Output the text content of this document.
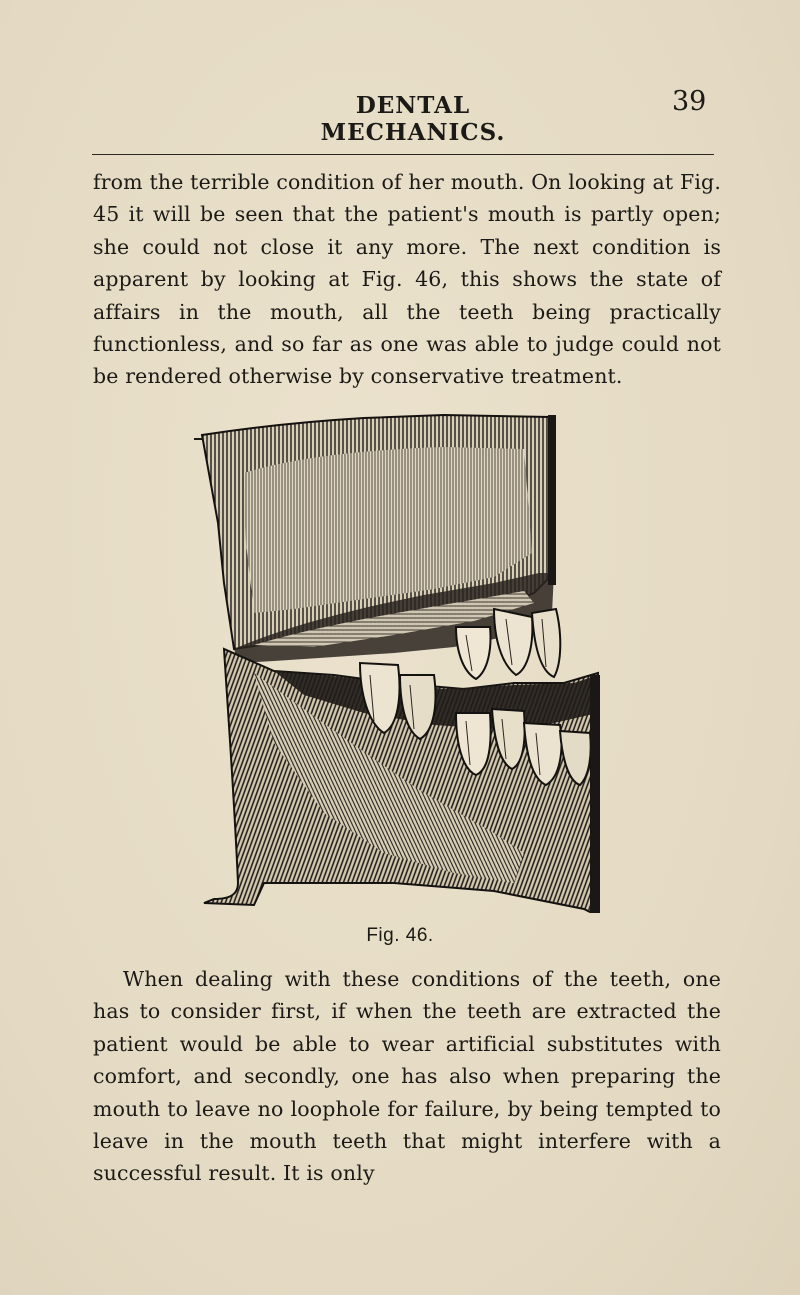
DENTAL MECHANICS.
39

from the terrible condition of her mouth. On looking at Fig. 45 it will be seen that the patient's mouth is partly open; she could not close it any more. The next condition is apparent by looking at Fig. 46, this shows the state of affairs in the mouth, all the teeth being practically functionless, and so far as one was able to judge could not be rendered otherwise by conservative treatment.

Fig. 46.

When dealing with these conditions of the teeth, one has to consider first, if when the teeth are extracted the patient would be able to wear artificial substitutes with comfort, and secondly, one has also when preparing the mouth to leave no loophole for failure, by being tempted to leave in the mouth teeth that might interfere with a successful result. It is only
